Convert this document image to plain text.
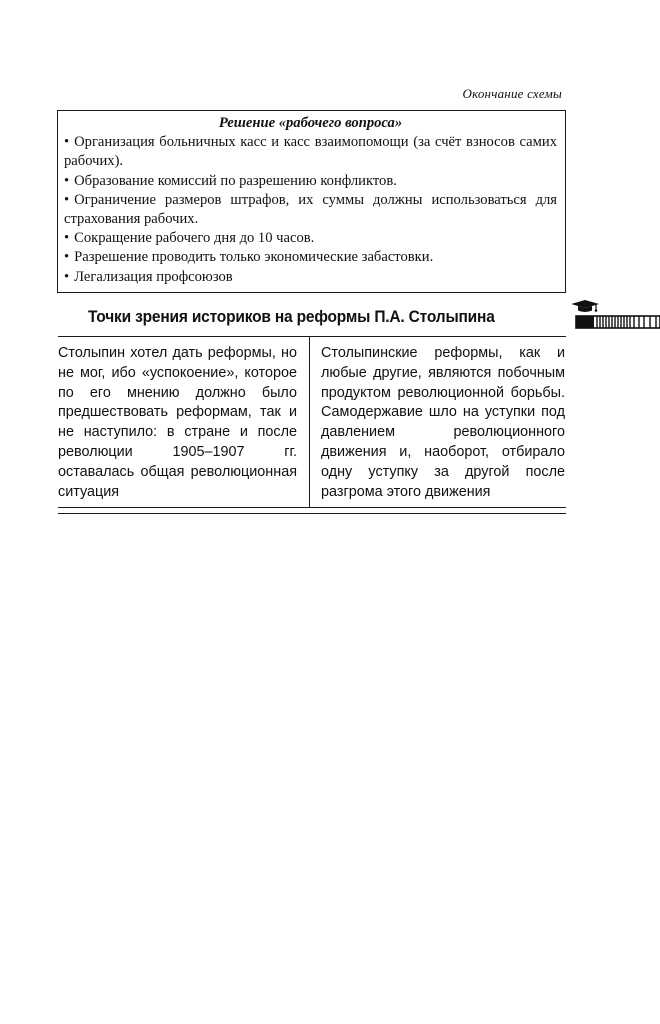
Окончание схемы

Решение «рабочего вопроса»

• Организация больничных касс и касс взаимопомощи (за счёт взносов самих рабочих).
• Образование комиссий по разрешению конфликтов.
• Ограничение размеров штрафов, их суммы должны использоваться для страхования рабочих.
• Сокращение рабочего дня до 10 часов.
• Разрешение проводить только экономические забастовки.
• Легализация профсоюзов
Точки зрения историков на реформы П.А. Столыпина
Столыпин хотел дать реформы, но не мог, ибо «успокоение», которое по его мнению должно было предшествовать реформам, так и не наступило: в стране и после революции 1905–1907 гг. оставалась общая революционная ситуация
Столыпинские реформы, как и любые другие, являются побочным продуктом революционной борьбы. Самодержавие шло на уступки под давлением революционного движения и, наоборот, отбирало одну уступку за другой после разгрома этого движения
